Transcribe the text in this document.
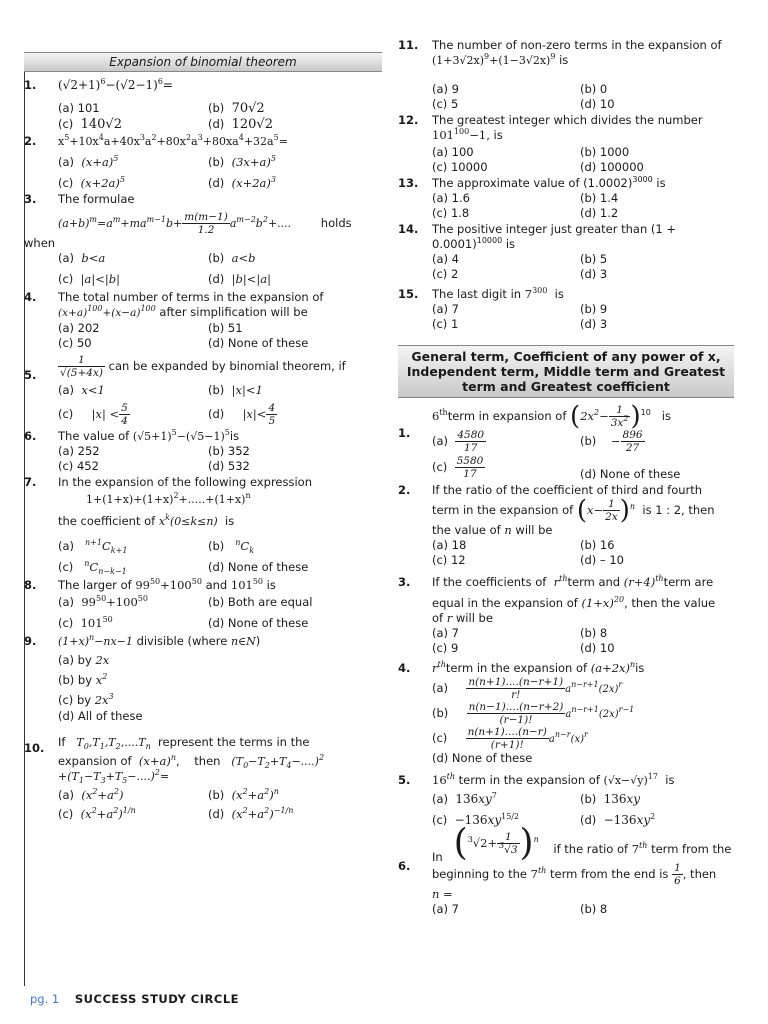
Expansion of binomial theorem
1.	$(√2+1)^6-(√2-1)^6=$
(a) 101	(b)  70√2
(c)  140√2	(d)  120√2
2.	$x^5+10x^4a+40x^3a^2+80x^2a^3+80xa^4+32a^5=$
(a)  $(x+a)^5$	(b)  $(3x+a)^5$
(c)  $(x+2a)^5$	(d)  $(x+2a)^3$
3.	The formulae
$(a+b)^m=a^m+ma^{m-1}b+ \frac{m(m-1)}{1.2} a^{m-2}b^2+$....	holds
when
(a)  b<a	(b)  a<b
(c)  |a|<|b|	(d)  |b|<|a|
4.	The total number of terms in the expansion of
$(x+a)^{100}+(x-a)^{100}$ after simplification will be
(a) 202	(b) 51
(c) 50	(d) None of these
5.	$\frac{1}{√(5+4x)}$ can be expanded by binomial theorem, if
(a)  x<1	(b)  |x|<1
(c)     $|x| < \frac{5}{4}$	(d)     $|x|< \frac{4}{5}$
6.	The value of $(√5+1)^5-(√5-1)^5is$
(a) 252	(b) 352
(c) 452	(d) 532
7.	In the expansion of the following expression
$1+(1+x)+(1+x)^2+.....+(1+x)^n$
the coefficient of $x^k(0\le k\le n)$ is
(a)   $^{n+1}C_{k+1}$	(b)   $^nC_k$
(c)   $^nC_{n-k-1}$	(d) None of these
8.	The larger of $99^{50}+100^{50}$ and $101^{50}$ is
(a)  $99^{50}+100^{50}$	(b) Both are equal
(c)  $101^{50}$	(d) None of these
9.	$(1+x)^n-nx-1$ divisible (where n∈N)
(a) by 2x
(b) by $x^2$
(c) by $2x^3$
(d) All of these
10.	If $T_0,T_1,T_2,....T_n$ represent the terms in the
expansion of $(x+a)^n$,    then $(T_0-T_2+T_4-....)^2$
$+(T_1-T_3+T_5-....)^2=$
(a)  $(x^2+a^2)$	(b)  $(x^2+a^2)^n$
(c)  $(x^2+a^2)^{1/n}$	(d)  $(x^2+a^2)^{-1/n}$
11.	The number of non-zero terms in the expansion of
$(1+3√2x)^9+(1-3√2x)^9$ is
(a) 9	(b) 0
(c) 5	(d) 10
12.	The greatest integer which divides the number
$101^{100}-1$, is
(a) 100	(b) 1000
(c) 10000	(d) 100000
13.	The approximate value of $(1.0002)^{3000}$ is
(a) 1.6	(b) 1.4
(c) 1.8	(d) 1.2
14.	The positive integer just greater than (1 +
0.0001)$^{10000}$ is
(a) 4	(b) 5
(c) 2	(d) 3
15.	The last digit in $7^{300}$ is
(a) 7	(b) 9
(c) 1	(d) 3
General term, Coefficient of any power of x, Independent term, Middle term and Greatest term and Greatest coefficient
1.
6thterm in expansion of $(2x^2- \frac{1}{3x^2} )^{10}$ is
$(a) \frac{4580}{17}$	(b)    − $\frac{896}{27}$
$(c) \frac{5580}{17}$	(d) None of these
2.	If the ratio of the coefficient of third and fourth
term in the expansion of $(x- \frac{1}{2x} )^n$ is 1 : 2, then
the value of n will be
(a) 18	(b) 16
(c) 12	(d) – 10
3.	If the coefficients of $r^{th}term$ and $(r+4)^{th}term$ are
equal in the expansion of $(1+x)^{20}$, then the value
of r will be
(a) 7	(b) 8
(c) 9	(d) 10
4.	$r^{th}term$ in the expansion of $(a+2x)^nis$
$(a) \frac{n(n+1)....(n-r+1)}{r!} a^{n-r+1}(2x)^r$
$(b) \frac{n(n-1)....(n-r+2)}{(r-1)!} a^{n-r+1}(2x)^{r-1}$
$(c) \frac{n(n+1)....(n-r)}{(r+1)!} a^{n-r}(x)^r$
(d) None of these
5.	16th term in the expansion of $(√x-√y)^{17}$ is
(a)  $136xy^7$	(b)  136xy
$(c) -136xy^{15/2}$	$(d) -136xy^2$
6.
In $(^3√2+ \frac{1}{^3√3} )^n$    if the ratio of 7th term from the
beginning to the 7th term from the end is $\frac{1}{6}$ , then
n =
(a) 7	(b) 8
pg. 1 SUCCESS STUDY CIRCLE
